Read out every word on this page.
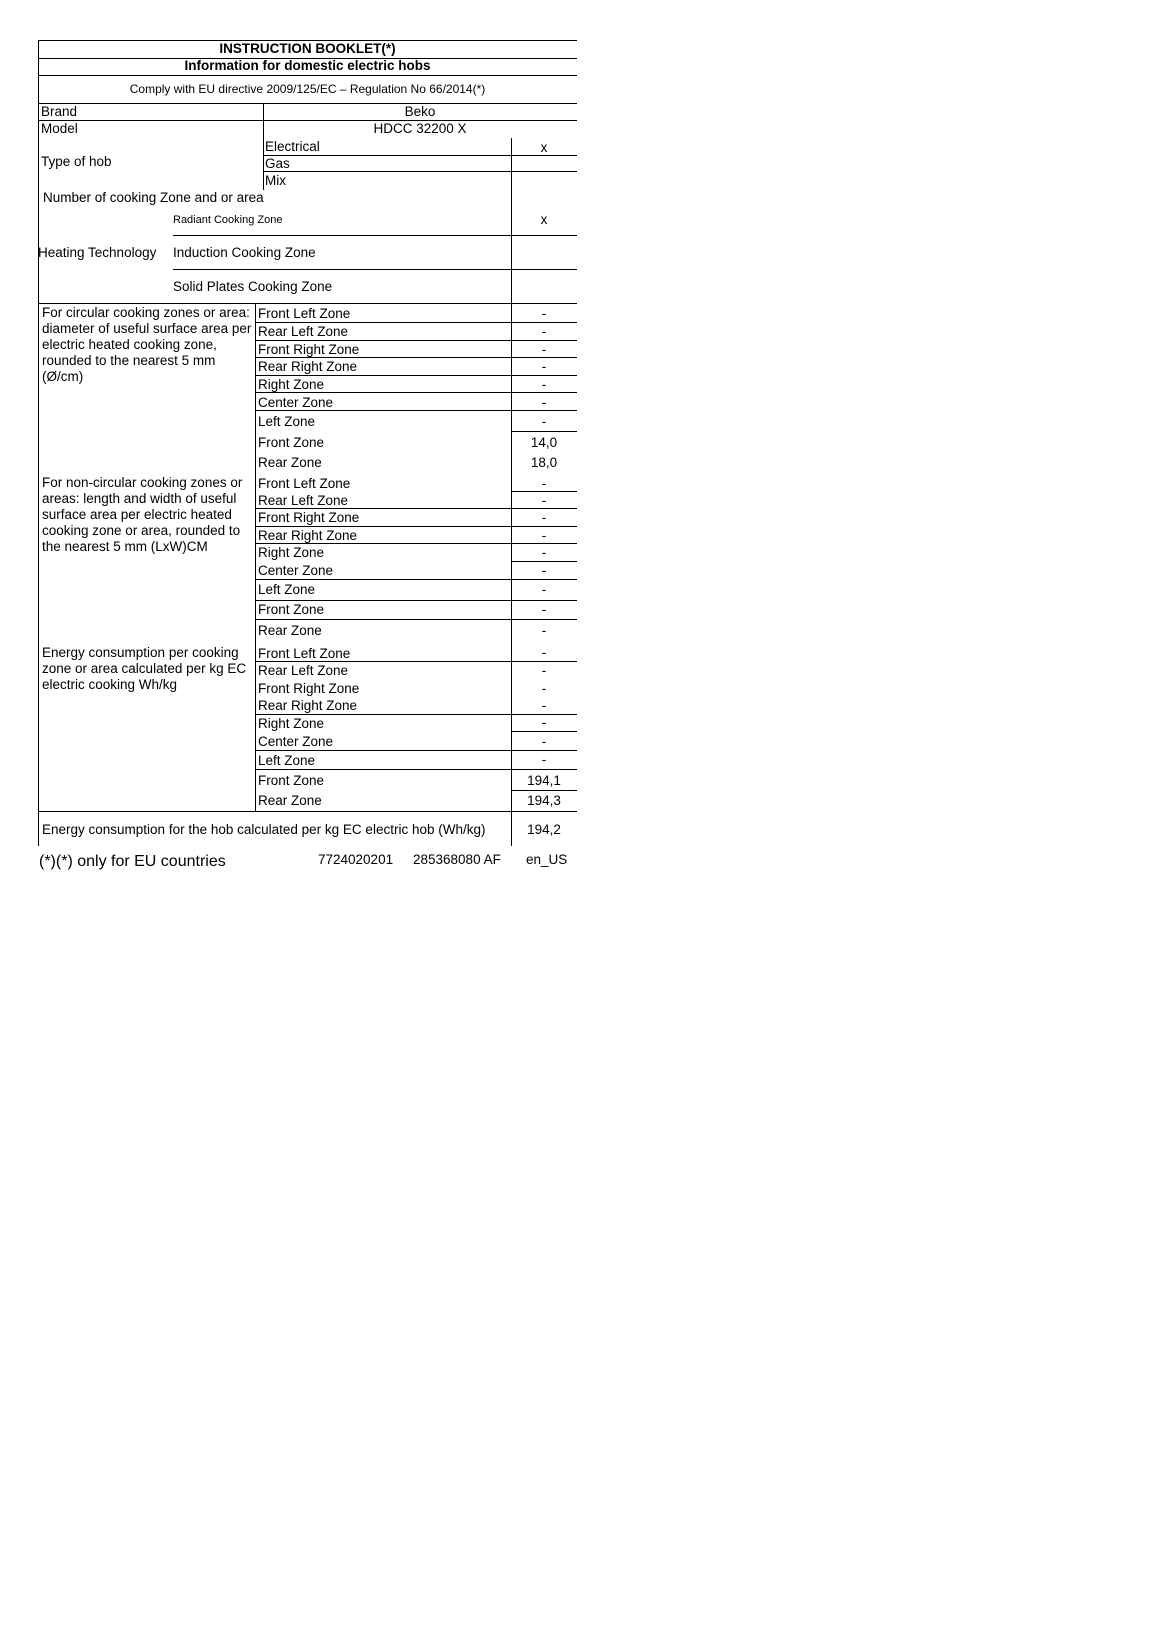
INSTRUCTION BOOKLET(*)
Information for domestic electric hobs
Comply with EU directive 2009/125/EC – Regulation No 66/2014(*)
Brand	Beko
Model	HDCC 32200 X
Type of hob
Electrical	x
Gas
Mix
Number of cooking Zone and or area
Heating Technology
Radiant Cooking Zone	x
Induction Cooking Zone
Solid Plates Cooking Zone
For circular cooking zones or area: diameter of useful surface area per electric heated cooking zone, rounded to the nearest 5 mm (Ø/cm)
Front Left Zone	-
Rear Left Zone	-
Front Right Zone	-
Rear Right Zone	-
Right Zone	-
Center Zone	-
Left Zone	-
Front Zone	14,0
Rear Zone	18,0
For non-circular cooking zones or areas: length and width of useful surface area per electric heated cooking zone or area, rounded to the nearest 5 mm (LxW)CM
Front Left Zone	-
Rear Left Zone	-
Front Right Zone	-
Rear Right Zone	-
Right Zone	-
Center Zone	-
Left Zone	-
Front Zone	-
Rear Zone	-
Energy consumption per cooking zone or area calculated per kg EC electric cooking Wh/kg
Front Left Zone	-
Rear Left Zone	-
Front Right Zone	-
Rear Right Zone	-
Right Zone	-
Center Zone	-
Left Zone	-
Front Zone	194,1
Rear Zone	194,3
Energy consumption for the hob calculated per kg EC electric hob (Wh/kg)	194,2
(*)(*) only for EU countries	7724020201 285368080 AF en_US
